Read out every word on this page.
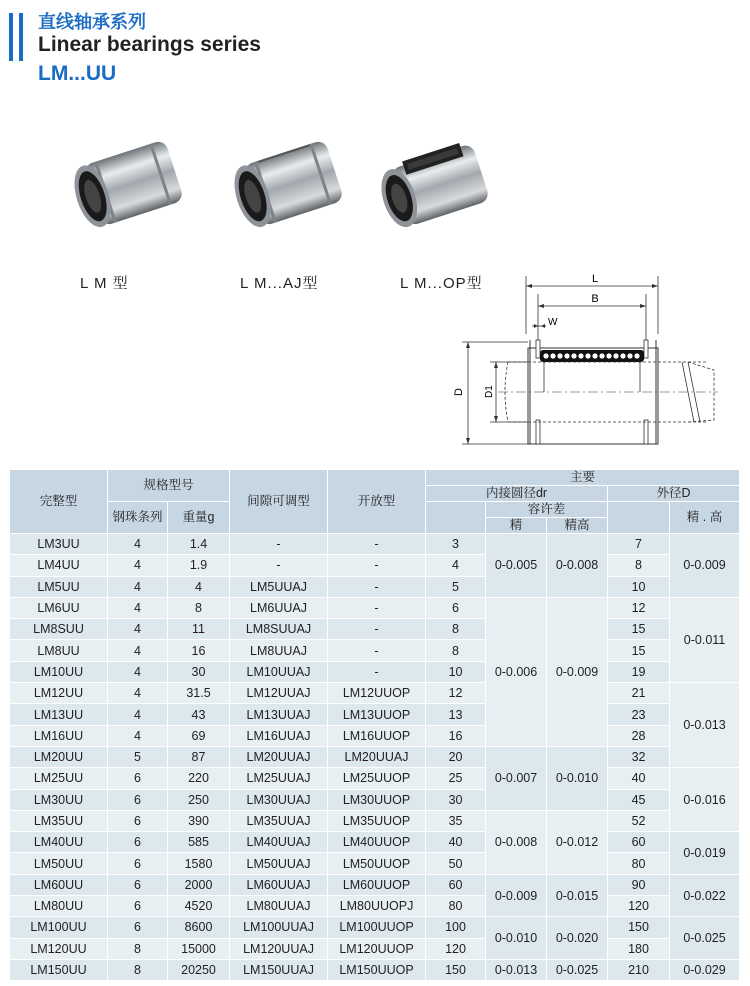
直线轴承系列
Linear bearings series
LM...UU
L M 型	L M...AJ型	L M...OP型	L
B
W
D D1
完整型	规格型号		间隙可调型	开放型	主要				
					内接圆径dr			外径D	
	钢珠条列	重量g				容许差			精 . 高
						精	精高		
LM3UU	4	1.4	-	-	3	0-0.005	0-0.008	7	0-0.009
LM4UU	4	1.9	-	-	4			8	
LM5UU	4	4	LM5UUAJ	-	5			10	
LM6UU	4	8	LM6UUAJ	-	6	0-0.006	0-0.009	12	0-0.011
LM8SUU	4	11	LM8SUUAJ	-	8			15	
LM8UU	4	16	LM8UUAJ	-	8			15	
LM10UU	4	30	LM10UUAJ	-	10			19	
LM12UU	4	31.5	LM12UUAJ	LM12UUOP	12			21	0-0.013
LM13UU	4	43	LM13UUAJ	LM13UUOP	13			23	
LM16UU	4	69	LM16UUAJ	LM16UUOP	16			28	
LM20UU	5	87	LM20UUAJ	LM20UUAJ	20	0-0.007	0-0.010	32	
LM25UU	6	220	LM25UUAJ	LM25UUOP	25			40	0-0.016
LM30UU	6	250	LM30UUAJ	LM30UUOP	30			45	
LM35UU	6	390	LM35UUAJ	LM35UUOP	35	0-0.008	0-0.012	52	
LM40UU	6	585	LM40UUAJ	LM40UUOP	40			60	0-0.019
LM50UU	6	1580	LM50UUAJ	LM50UUOP	50			80	
LM60UU	6	2000	LM60UUAJ	LM60UUOP	60	0-0.009	0-0.015	90	0-0.022
LM80UU	6	4520	LM80UUAJ	LM80UUOPJ	80			120	
LM100UU	6	8600	LM100UUAJ	LM100UUOP	100	0-0.010	0-0.020	150	0-0.025
LM120UU	8	15000	LM120UUAJ	LM120UUOP	120			180	
LM150UU	8	20250	LM150UUAJ	LM150UUOP	150	0-0.013	0-0.025	210	0-0.029
